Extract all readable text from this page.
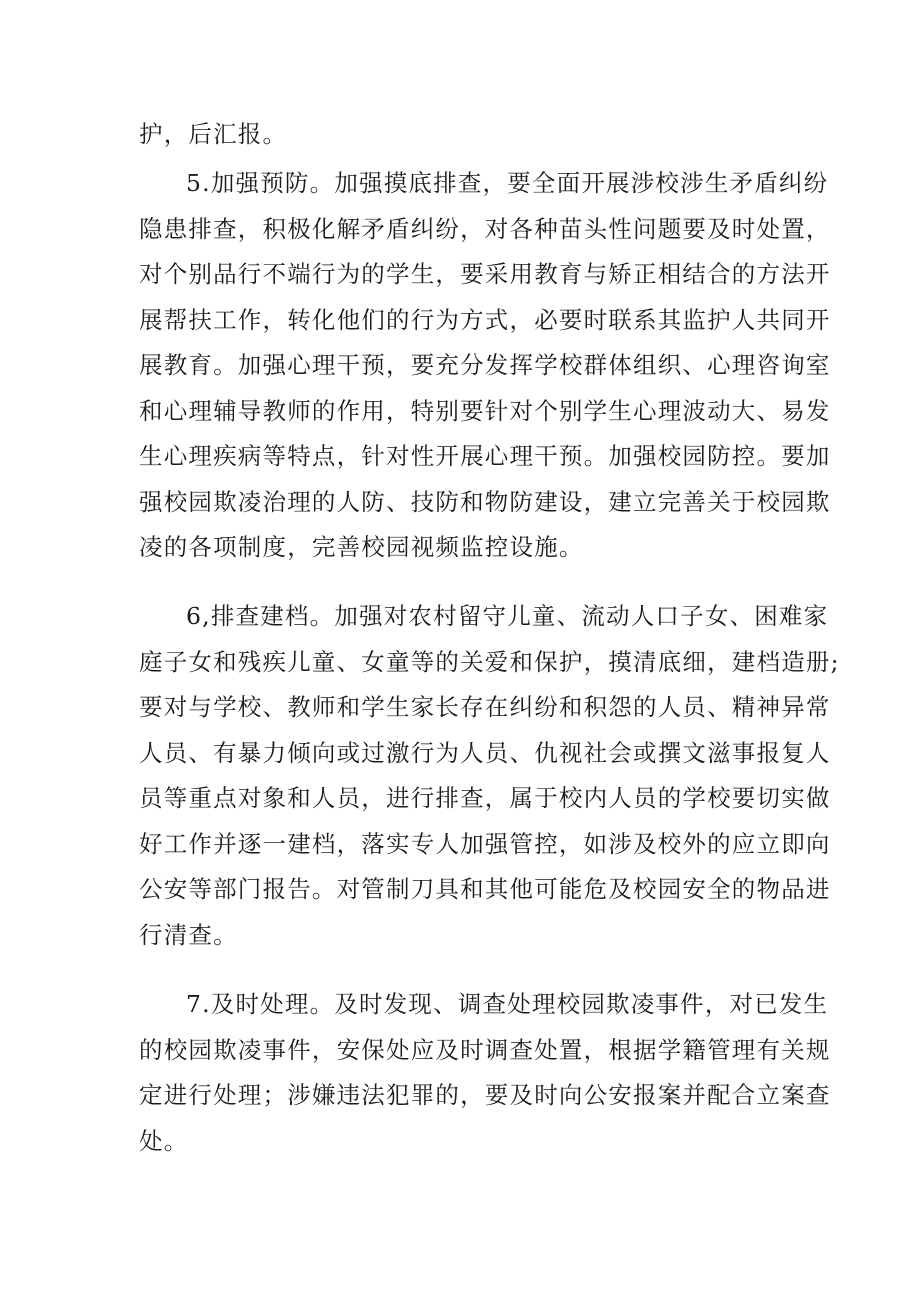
护，后汇报。
5.加强预防。加强摸底排查，要全面开展涉校涉生矛盾纠纷
隐患排查，积极化解矛盾纠纷，对各种苗头性问题要及时处置，
对个别品行不端行为的学生，要采用教育与矫正相结合的方法开
展帮扶工作，转化他们的行为方式，必要时联系其监护人共同开
展教育。加强心理干预，要充分发挥学校群体组织、心理咨询室
和心理辅导教师的作用，特别要针对个别学生心理波动大、易发
生心理疾病等特点，针对性开展心理干预。加强校园防控。要加
强校园欺凌治理的人防、技防和物防建设，建立完善关于校园欺
凌的各项制度，完善校园视频监控设施。
6,排查建档。加强对农村留守儿童、流动人口子女、困难家
庭子女和残疾儿童、女童等的关爱和保护，摸清底细，建档造册;
要对与学校、教师和学生家长存在纠纷和积怨的人员、精神异常
人员、有暴力倾向或过激行为人员、仇视社会或撰文滋事报复人
员等重点对象和人员，进行排查，属于校内人员的学校要切实做
好工作并逐一建档，落实专人加强管控，如涉及校外的应立即向
公安等部门报告。对管制刀具和其他可能危及校园安全的物品进
行清查。
7.及时处理。及时发现、调查处理校园欺凌事件，对已发生
的校园欺凌事件，安保处应及时调查处置，根据学籍管理有关规
定进行处理；涉嫌违法犯罪的，要及时向公安报案并配合立案查
处。
